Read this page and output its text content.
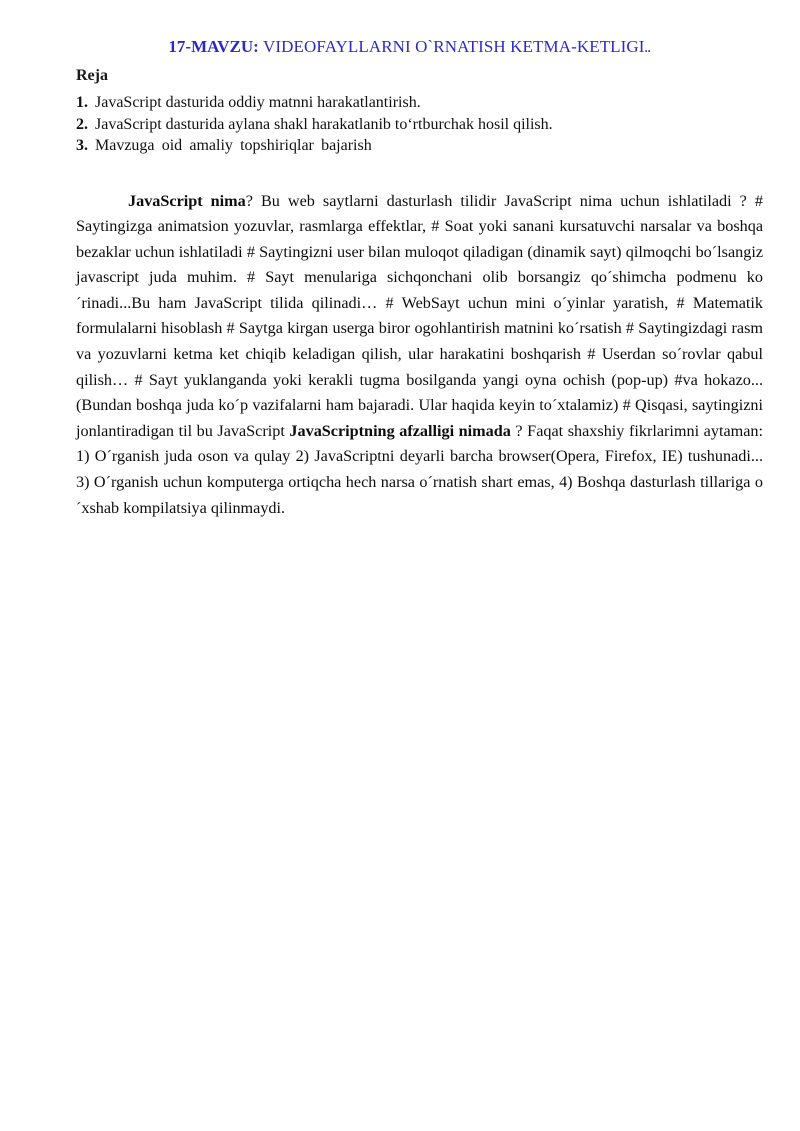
17-MAVZU: VIDEOFAYLLARNI O`RNATISH KETMA-KETLIGI..
Reja
1. JavaScript dasturida oddiy matnni harakatlantirish.
2. JavaScript dasturida aylana shakl harakatlanib to‘rtburchak hosil qilish.
3. Mavzuga oid amaliy topshiriqlar bajarish

JavaScript nima? Bu web saytlarni dasturlash tilidir JavaScript nima uchun ishlatiladi ? # Saytingizga animatsion yozuvlar, rasmlarga effektlar, # Soat yoki sanani kursatuvchi narsalar va boshqa bezaklar uchun ishlatiladi # Saytingizni user bilan muloqot qiladigan (dinamik sayt) qilmoqchi bo´lsangiz javascript juda muhim. # Sayt menulariga sichqonchani olib borsangiz qo´shimcha podmenu ko´rinadi...Bu ham JavaScript tilida qilinadi… # WebSayt uchun mini o´yinlar yaratish, # Matematik formulalarni hisoblash # Saytga kirgan userga biror ogohlantirish matnini ko´rsatish # Saytingizdagi rasm va yozuvlarni ketma ket chiqib keladigan qilish, ular harakatini boshqarish # Userdan so´rovlar qabul qilish… # Sayt yuklanganda yoki kerakli tugma bosilganda yangi oyna ochish (pop-up) #va hokazo...(Bundan boshqa juda ko´p vazifalarni ham bajaradi. Ular haqida keyin to´xtalamiz) # Qisqasi, saytingizni jonlantiradigan til bu JavaScript JavaScriptning afzalligi nimada ? Faqat shaxshiy fikrlarimni aytaman: 1) O´rganish juda oson va qulay 2) JavaScriptni deyarli barcha browser(Opera, Firefox, IE) tushunadi... 3) O´rganish uchun komputerga ortiqcha hech narsa o´rnatish shart emas, 4) Boshqa dasturlash tillariga o´xshab kompilatsiya qilinmaydi.
